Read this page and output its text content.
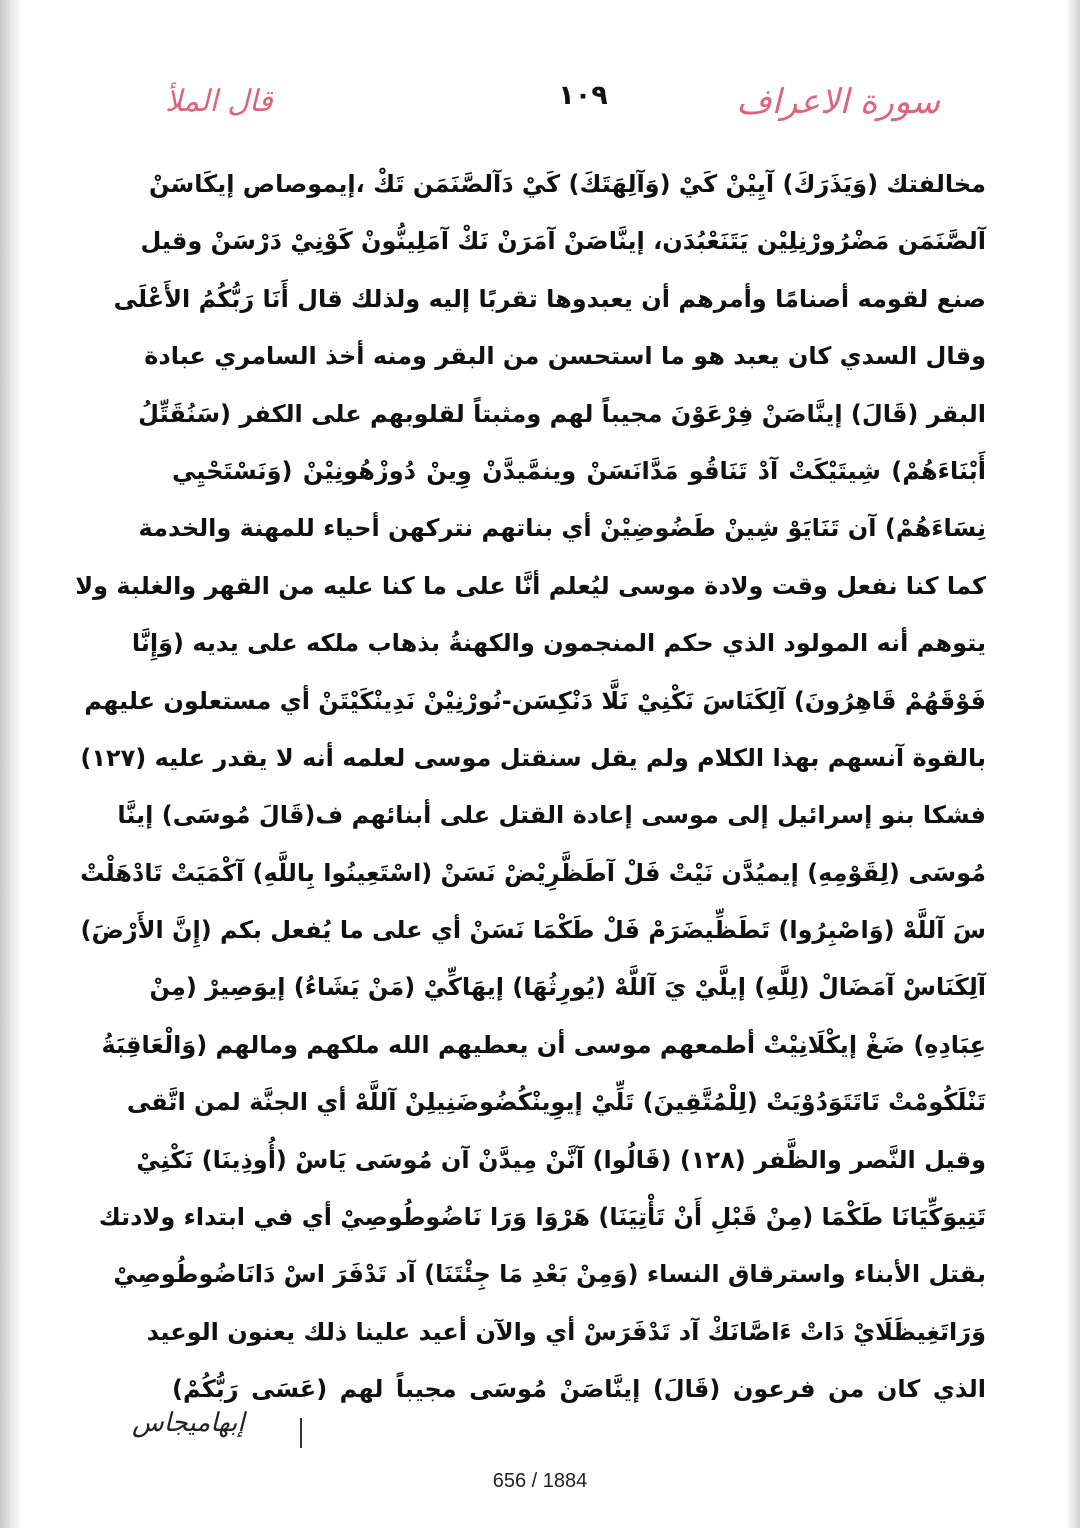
سورة الاعراف
١٠٩
قال الملأ
مخالفتك (وَيَذَرَكَ) آيِيْنْ كَيْ (وَآلِهَتَكَ) كَيْ دَآلصَّنَمَن تَكْ ،إيموصاص إيكَاسَنْ
آلصَّنَمَن مَضْرُورْنِلِيْن يَتَنَعْبُدَن، إينَّاصَنْ آمَرَنْ نَكْ آمَلِينُّونْ كَوْنِيْ دَرْسَنْ وقيل
صنع لقومه أصنامًا وأمرهم أن يعبدوها تقربًا إليه ولذلك قال أَنَا رَبُّكُمُ الأَعْلَى
وقال السدي كان يعبد هو ما استحسن من البقر ومنه أخذ السامري عبادة
البقر (قَالَ) إينَّاصَنْ فِرْعَوْنَ مجيباً لهم ومثبتاً لقلوبهم على الكفر (سَنُقَتِّلُ
أَبْنَاءَهُمْ) شِيتَيْكَتْ آدْ تَنَاقُو مَدَّانَسَنْ وينمَّيدَّنْ وِينْ دُوزْهُونِيْنْ (وَنَسْتَحْيِي
نِسَاءَهُمْ) آن تَنَايَوْ شِينْ طَضُوضِيْنْ أي بناتهم نتركهن أحياء للمهنة والخدمة
كما كنا نفعل وقت ولادة موسى ليُعلم أنَّا على ما كنا عليه من القهر والغلبة ولا
يتوهم أنه المولود الذي حكم المنجمون والكهنةُ بذهاب ملكه على يديه (وَإِنَّا
فَوْقَهُمْ قَاهِرُونَ) آلِكَنَاسَ نَكْنِيْ نَلَّا دَنْكِسَن-نُورْنِيْنْ نَدِينْكَيْتَنْ أي مستعلون عليهم
بالقوة آنسهم بهذا الكلام ولم يقل سنقتل موسى لعلمه أنه لا يقدر عليه (١٢٧)
فشكا بنو إسرائيل إلى موسى إعادة القتل على أبنائهم ف(قَالَ مُوسَى) إينَّا
مُوسَى (لِقَوْمِهِ) إيميُدَّن نَيْتْ فَلْ آطَظَّرِيْضْ نَسَنْ (اسْتَعِينُوا بِاللَّهِ) آكْمَيَتْ تَادْهَلْتْ
سَ آللَّهْ (وَاصْبِرُوا) تَطَظِّيضَرَمْ فَلْ طَكْمَا نَسَنْ أي على ما يُفعل بكم (إِنَّ الأَرْضَ)
آلِكَنَاسْ آمَضَالْ (لِلَّهِ) إيلَّيْ يَ آللَّهْ (يُورِثُهَا) إيهَاكِّيْ (مَنْ يَشَاءُ) إيوَصِيرْ (مِنْ
عِبَادِهِ) ضَغْ إيكْلَانِيْتْ أطمعهم موسى أن يعطيهم الله ملكهم ومالهم (وَالْعَاقِبَةُ
تَنْلَكُومْتْ تَاتَتَوَدُوْيَتْ (لِلْمُتَّقِينَ) تَلِّيْ إيوِينْكُضُوضَنِيلِنْ آللَّهْ أي الجنَّة لمن اتَّقى
وقيل النَّصر والظَّفر (١٢٨) (قَالُوا) آنَّنْ مِيدَّنْ آن مُوسَى يَاسْ (أُوذِينَا) نَكْنِيْ
تَتِيوَكِّيَانَا طَكْمَا (مِنْ قَبْلِ أَنْ تَأْتِيَنَا) هَرْوَا وَرَا نَاضُوطُوصِيْ أي في ابتداء ولادتك
بقتل الأبناء واسترقاق النساء (وَمِنْ بَعْدِ مَا جِئْتَنَا) آد تَدْفَرَ اسْ دَانَاضُوطُوصِيْ
وَرَاتَغِيظَلَايْ دَاتْ ءَاصَّانَكْ آد تَدْفَرَسْ أي والآن أعيد علينا ذلك يعنون الوعيد
الذي كان من فرعون (قَالَ) إينَّاصَنْ مُوسَى مجيباً لهم (عَسَى رَبُّكُمْ)
إبهاميجاس
656 / 1884
